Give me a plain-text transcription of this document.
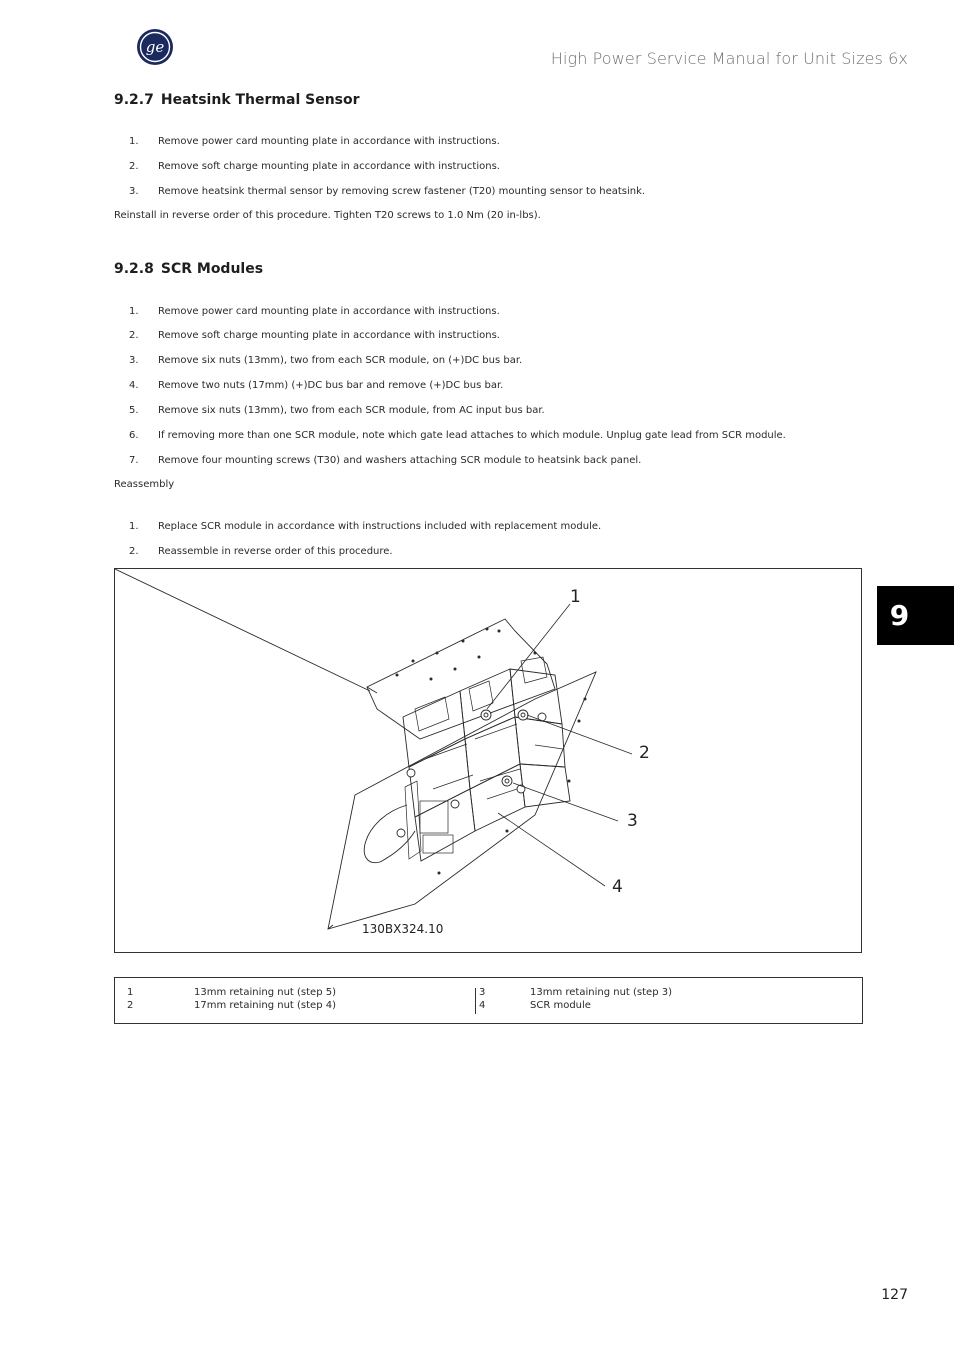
ge
High Power Service Manual for Unit Sizes 6x
9.2.7 Heatsink Thermal Sensor
1. Remove power card mounting plate in accordance with instructions.
2. Remove soft charge mounting plate in accordance with instructions.
3. Remove heatsink thermal sensor by removing screw fastener (T20) mounting sensor to heatsink.
Reinstall in reverse order of this procedure. Tighten T20 screws to 1.0 Nm (20 in-lbs).
9.2.8 SCR Modules
1. Remove power card mounting plate in accordance with instructions.
2. Remove soft charge mounting plate in accordance with instructions.
3. Remove six nuts (13mm), two from each SCR module, on (+)DC bus bar.
4. Remove two nuts (17mm) (+)DC bus bar and remove (+)DC bus bar.
5. Remove six nuts (13mm), two from each SCR module, from AC input bus bar.
6. If removing more than one SCR module, note which gate lead attaches to which module. Unplug gate lead from SCR module.
7. Remove four mounting screws (T30) and washers attaching SCR module to heatsink back panel.
Reassembly
1. Replace SCR module in accordance with instructions included with replacement module.
2. Reassemble in reverse order of this procedure.
1
2
3
4
130BX324.10
1	13mm retaining nut (step 5)
2	17mm retaining nut (step 4)
3	13mm retaining nut (step 3)
4	SCR module
9
127
